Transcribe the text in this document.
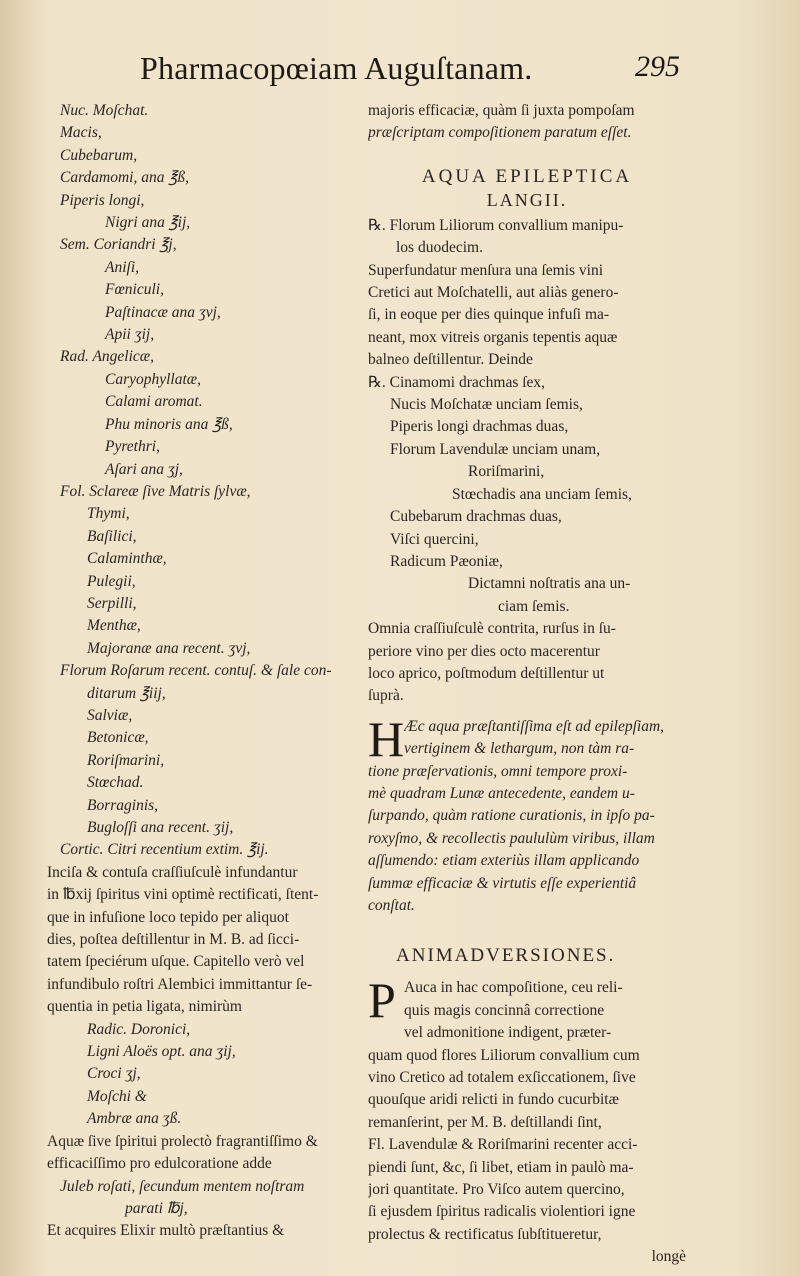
Pharmacopœiam Auguſtanam.	295
Nuc. Moſchat.
Macis,
Cubebarum,
Cardamomi, ana ℥ß,
Piperis longi,
Nigri ana ℥ij,
Sem. Coriandri ℥j,
Aniſi,
Fœniculi,
Paſtinacæ ana ʒvj,
Apii ʒij,
Rad. Angelicæ,
Caryophyllatæ,
Calami aromat.
Phu minoris ana ℥ß,
Pyrethri,
Aſari ana ʒj,
Fol. Sclareæ ſive Matris ſylvæ,
Thymi,
Baſilici,
Calaminthæ,
Pulegii,
Serpilli,
Menthæ,
Majoranæ ana recent. ʒvj,
Florum Roſarum recent. contuſ. & ſale con-
ditarum ℥iij,
Salviæ,
Betonicæ,
Roriſmarini,
Stœchad.
Borraginis,
Bugloſſi ana recent. ʒij,
Cortic. Citri recentium extim. ℥ij.
Inciſa & contuſa craſſiuſculè infundantur
in ℔xij ſpiritus vini optimè rectificati, ſtent-
que in infuſione loco tepido per aliquot
dies, poſtea deſtillentur in M. B. ad ſicci-
tatem ſpeciérum uſque. Capitello verò vel
infundibulo roſtri Alembici immittantur ſe-
quentia in petia ligata, nimirùm
Radic. Doronici,
Ligni Aloës opt. ana ʒij,
Croci ʒj,
Moſchi &
Ambræ ana ʒß.
Aquæ ſive ſpiritui prolectò fragrantiſſimo &
efficaciſſimo pro edulcoratione adde
Juleb roſati, ſecundum mentem noſtram
parati ℔j,
Et acquires Elixir multò præſtantius &
majoris efficaciæ, quàm ſi juxta pompoſam
præſcriptam compoſitionem paratum eſſet.
AQUA EPILEPTICA
LANGII.
℞. Florum Liliorum convallium manipu-
los duodecim.
Superfundatur menſura una ſemis vini
Cretici aut Moſchatelli, aut aliàs genero-
ſi, in eoque per dies quinque infuſi ma-
neant, mox vitreis organis tepentis aquæ
balneo deſtillentur. Deinde
℞. Cinamomi drachmas ſex,
Nucis Moſchatæ unciam ſemis,
Piperis longi drachmas duas,
Florum Lavendulæ unciam unam,
Roriſmarini,
Stœchadis ana unciam ſemis,
Cubebarum drachmas duas,
Viſci quercini,
Radicum Pæoniæ,
Dictamni noſtratis ana un-
ciam ſemis.
Omnia craſſiuſculè contrita, rurſus in ſu-
periore vino per dies octo macerentur
loco aprico, poſtmodum deſtillentur ut
ſuprà.
H Æc aqua præſtantiſſima eſt ad epilepſiam,
vertiginem & lethargum, non tàm ra-
tione præſervationis, omni tempore proxi-
mè quadram Lunæ antecedente, eandem u-
ſurpando, quàm ratione curationis, in ipſo pa-
roxyſmo, & recollectis paululùm viribus, illam
aſſumendo: etiam exteriùs illam applicando
ſummæ efficaciæ & virtutis eſſe experientiâ
conſtat.
ANIMADVERSIONES.
P Auca in hac compoſitione, ceu reli-
quis magis concinnâ correctione
vel admonitione indigent, præter-
quam quod flores Liliorum convallium cum
vino Cretico ad totalem exſiccationem, ſive
quouſque aridi relicti in fundo cucurbitæ
remanſerint, per M. B. deſtillandi ſint,
Fl. Lavendulæ & Roriſmarini recenter acci-
piendi ſunt, &c, ſi libet, etiam in paulò ma-
jori quantitate. Pro Viſco autem quercino,
ſi ejusdem ſpiritus radicalis violentiori igne
prolectus & rectificatus ſubſtitueretur,
longè
